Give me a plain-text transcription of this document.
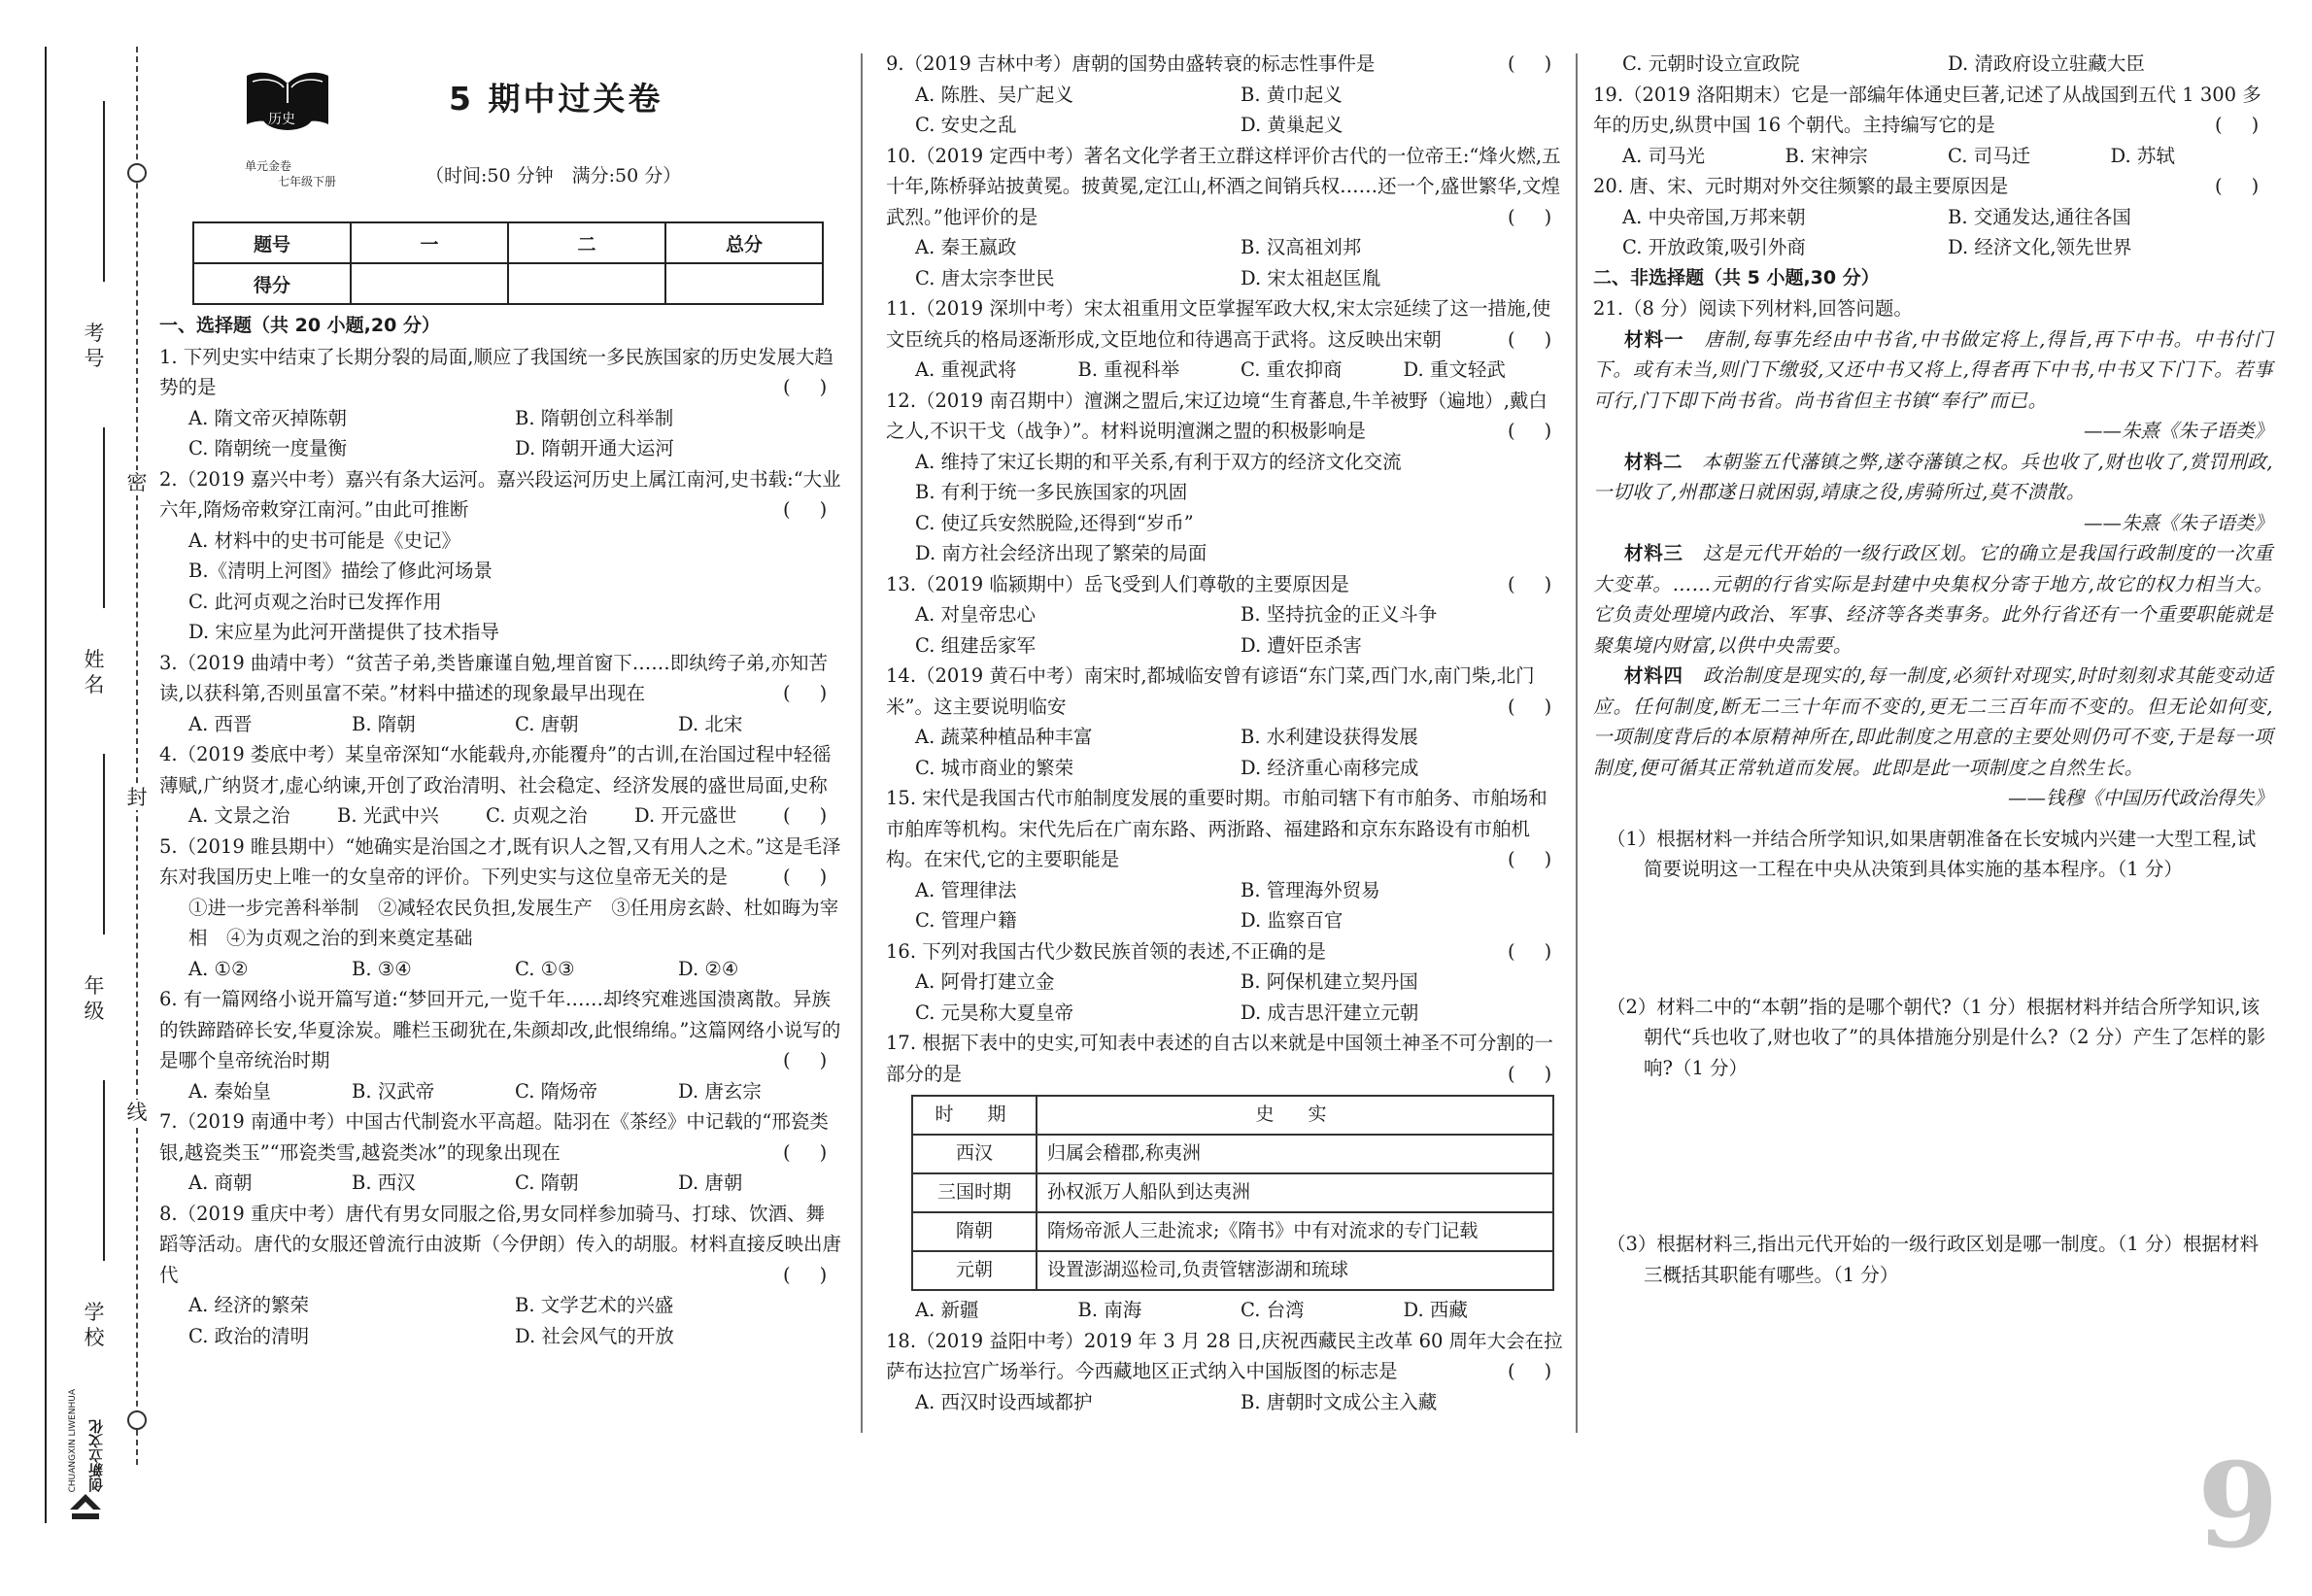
密
封
线
考号
姓名
年级
学校
创新立文化
CHUANGXIN LIWENHUA
历史
单元金卷
七年级下册
5 期中过关卷
（时间:50 分钟　满分:50 分）
题号	一	二	总分
得分			

一、选择题（共 20 小题,20 分）

1. 下列史实中结束了长期分裂的局面,顺应了我国统一多民族国家的历史发展大趋势的是
( )

A. 隋文帝灭掉陈朝	B. 隋朝创立科举制
C. 隋朝统一度量衡	D. 隋朝开通大运河

2.（2019 嘉兴中考）嘉兴有条大运河。嘉兴段运河历史上属江南河,史书载:“大业六年,隋炀帝敕穿江南河。”由此可推断
( )

A. 材料中的史书可能是《史记》
B.《清明上河图》描绘了修此河场景
C. 此河贞观之治时已发挥作用
D. 宋应星为此河开凿提供了技术指导

3.（2019 曲靖中考）“贫苦子弟,类皆廉谨自勉,埋首窗下……即纨绔子弟,亦知苦读,以获科第,否则虽富不荣。”材料中描述的现象最早出现在
( )

A. 西晋	B. 隋朝	C. 唐朝	D. 北宋

4.（2019 娄底中考）某皇帝深知“水能载舟,亦能覆舟”的古训,在治国过程中轻徭薄赋,广纳贤才,虚心纳谏,开创了政治清明、社会稳定、经济发展的盛世局面,史称
( )

A. 文景之治	B. 光武中兴	C. 贞观之治	D. 开元盛世

5.（2019 睢县期中）“她确实是治国之才,既有识人之智,又有用人之术。”这是毛泽东对我国历史上唯一的女皇帝的评价。下列史实与这位皇帝无关的是
( )

①进一步完善科举制　②减轻农民负担,发展生产　③任用房玄龄、杜如晦为宰相　④为贞观之治的到来奠定基础

A. ①②	B. ③④	C. ①③	D. ②④

6. 有一篇网络小说开篇写道:“梦回开元,一览千年……却终究难逃国溃离散。异族的铁蹄踏碎长安,华夏涂炭。雕栏玉砌犹在,朱颜却改,此恨绵绵。”这篇网络小说写的是哪个皇帝统治时期
( )

A. 秦始皇	B. 汉武帝	C. 隋炀帝	D. 唐玄宗

7.（2019 南通中考）中国古代制瓷水平高超。陆羽在《茶经》中记载的“邢瓷类银,越瓷类玉”“邢瓷类雪,越瓷类冰”的现象出现在
( )

A. 商朝	B. 西汉	C. 隋朝	D. 唐朝

8.（2019 重庆中考）唐代有男女同服之俗,男女同样参加骑马、打球、饮酒、舞蹈等活动。唐代的女服还曾流行由波斯（今伊朗）传入的胡服。材料直接反映出唐代
( )

A. 经济的繁荣	B. 文学艺术的兴盛
C. 政治的清明	D. 社会风气的开放

9.（2019 吉林中考）唐朝的国势由盛转衰的标志性事件是
( )

A. 陈胜、吴广起义	B. 黄巾起义
C. 安史之乱	D. 黄巢起义

10.（2019 定西中考）著名文化学者王立群这样评价古代的一位帝王:“烽火燃,五十年,陈桥驿站披黄冕。披黄冕,定江山,杯酒之间销兵权……还一个,盛世繁华,文煌武烈。”他评价的是
( )

A. 秦王嬴政	B. 汉高祖刘邦
C. 唐太宗李世民	D. 宋太祖赵匡胤

11.（2019 深圳中考）宋太祖重用文臣掌握军政大权,宋太宗延续了这一措施,使文臣统兵的格局逐渐形成,文臣地位和待遇高于武将。这反映出宋朝
( )

A. 重视武将	B. 重视科举	C. 重农抑商	D. 重文轻武

12.（2019 南召期中）澶渊之盟后,宋辽边境“生育蕃息,牛羊被野（遍地）,戴白之人,不识干戈（战争）”。材料说明澶渊之盟的积极影响是
( )

A. 维持了宋辽长期的和平关系,有利于双方的经济文化交流
B. 有利于统一多民族国家的巩固
C. 使辽兵安然脱险,还得到“岁币”
D. 南方社会经济出现了繁荣的局面

13.（2019 临颍期中）岳飞受到人们尊敬的主要原因是
( )

A. 对皇帝忠心	B. 坚持抗金的正义斗争
C. 组建岳家军	D. 遭奸臣杀害

14.（2019 黄石中考）南宋时,都城临安曾有谚语“东门菜,西门水,南门柴,北门米”。这主要说明临安
( )

A. 蔬菜种植品种丰富	B. 水利建设获得发展
C. 城市商业的繁荣	D. 经济重心南移完成

15. 宋代是我国古代市舶制度发展的重要时期。市舶司辖下有市舶务、市舶场和市舶库等机构。宋代先后在广南东路、两浙路、福建路和京东东路设有市舶机构。在宋代,它的主要职能是
( )

A. 管理律法	B. 管理海外贸易
C. 管理户籍	D. 监察百官

16. 下列对我国古代少数民族首领的表述,不正确的是
( )

A. 阿骨打建立金	B. 阿保机建立契丹国
C. 元昊称大夏皇帝	D. 成吉思汗建立元朝

17. 根据下表中的史实,可知表中表述的自古以来就是中国领土神圣不可分割的一部分的是
( )

时　期	史　实
西汉	归属会稽郡,称夷洲
三国时期	孙权派万人船队到达夷洲
隋朝	隋炀帝派人三赴流求;《隋书》中有对流求的专门记载
元朝	设置澎湖巡检司,负责管辖澎湖和琉球
A. 新疆	B. 南海	C. 台湾	D. 西藏

18.（2019 益阳中考）2019 年 3 月 28 日,庆祝西藏民主改革 60 周年大会在拉萨布达拉宫广场举行。今西藏地区正式纳入中国版图的标志是
( )

A. 西汉时设西域都护	B. 唐朝时文成公主入藏
C. 元朝时设立宣政院	D. 清政府设立驻藏大臣

19.（2019 洛阳期末）它是一部编年体通史巨著,记述了从战国到五代 1 300 多年的历史,纵贯中国 16 个朝代。主持编写它的是
( )

A. 司马光	B. 宋神宗	C. 司马迁	D. 苏轼

20. 唐、宋、元时期对外交往频繁的最主要原因是
( )

A. 中央帝国,万邦来朝	B. 交通发达,通往各国
C. 开放政策,吸引外商	D. 经济文化,领先世界

二、非选择题（共 5 小题,30 分）

21.（8 分）阅读下列材料,回答问题。

材料一　 唐制,每事先经由中书省,中书做定将上,得旨,再下中书。中书付门下。或有未当,则门下缴驳,又还中书又将上,得者再下中书,中书又下门下。若事可行,门下即下尚书省。尚书省但主书镇“奉行”而已。

——朱熹《朱子语类》

材料二　 本朝鉴五代藩镇之弊,遂夺藩镇之权。兵也收了,财也收了,赏罚刑政,一切收了,州郡遂日就困弱,靖康之役,虏骑所过,莫不溃散。

——朱熹《朱子语类》

材料三　 这是元代开始的一级行政区划。它的确立是我国行政制度的一次重大变革。……元朝的行省实际是封建中央集权分寄于地方,故它的权力相当大。它负责处理境内政治、军事、经济等各类事务。此外行省还有一个重要职能就是聚集境内财富,以供中央需要。

材料四　 政治制度是现实的,每一制度,必须针对现实,时时刻刻求其能变动适应。任何制度,断无二三十年而不变的,更无二三百年而不变的。但无论如何变,一项制度背后的本原精神所在,即此制度之用意的主要处则仍可不变,于是每一项制度,便可循其正常轨道而发展。此即是此一项制度之自然生长。

——钱穆《中国历代政治得失》

（1）根据材料一并结合所学知识,如果唐朝准备在长安城内兴建一大型工程,试简要说明这一工程在中央从决策到具体实施的基本程序。（1 分）

（2）材料二中的“本朝”指的是哪个朝代?（1 分）根据材料并结合所学知识,该朝代“兵也收了,财也收了”的具体措施分别是什么?（2 分）产生了怎样的影响?（1 分）

（3）根据材料三,指出元代开始的一级行政区划是哪一制度。（1 分）根据材料三概括其职能有哪些。（1 分）

9
